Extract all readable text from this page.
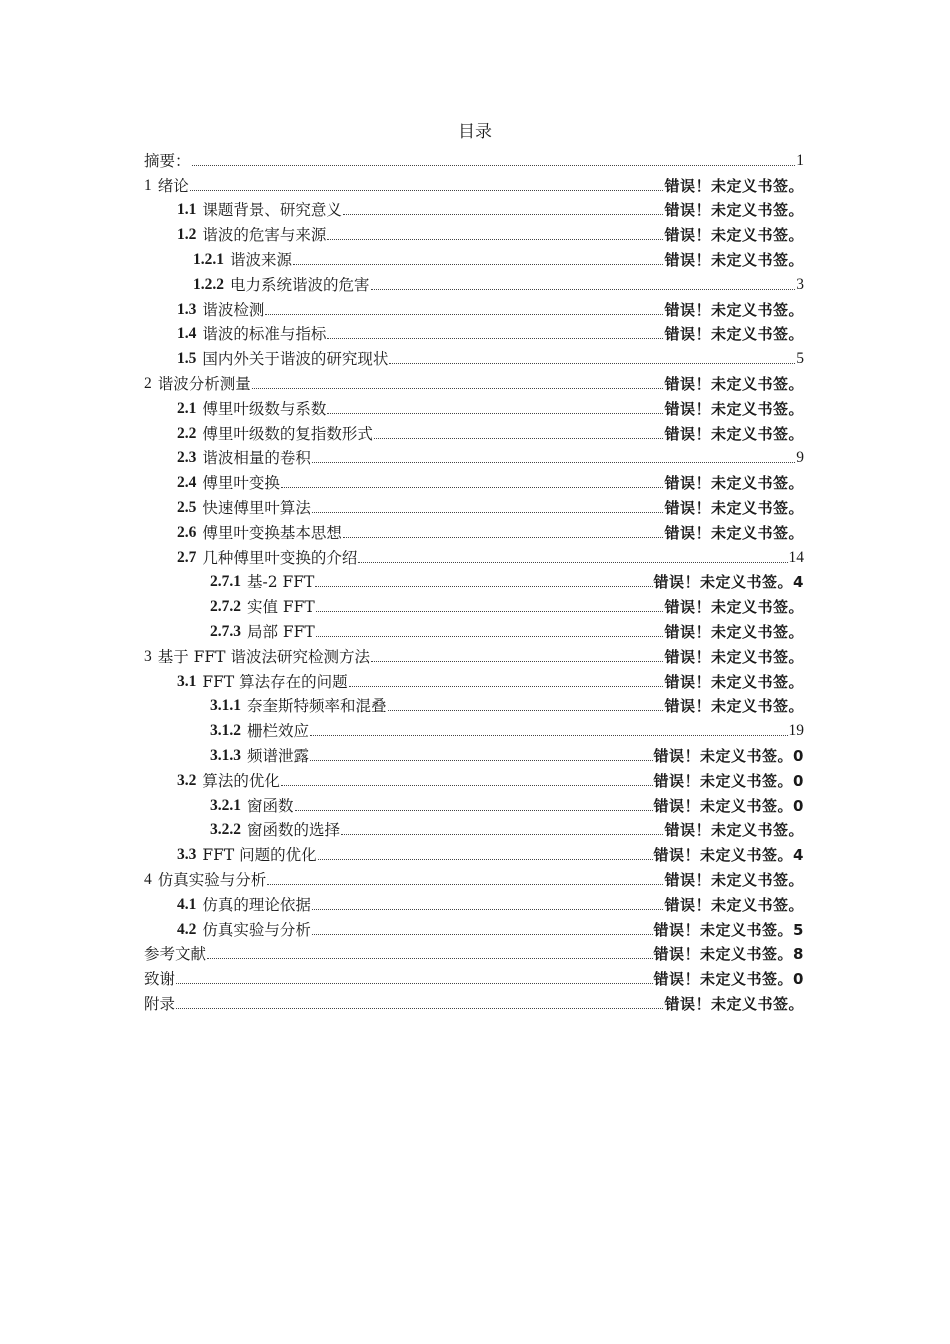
目录
摘要：	1
1 绪论	错误！未定义书签。
1.1 课题背景、研究意义	错误！未定义书签。
1.2 谐波的危害与来源	错误！未定义书签。
1.2.1 谐波来源	错误！未定义书签。
1.2.2 电力系统谐波的危害	3
1.3 谐波检测	错误！未定义书签。
1.4 谐波的标准与指标	错误！未定义书签。
1.5 国内外关于谐波的研究现状	5
2 谐波分析测量	错误！未定义书签。
2.1 傅里叶级数与系数	错误！未定义书签。
2.2 傅里叶级数的复指数形式	错误！未定义书签。
2.3 谐波相量的卷积	9
2.4 傅里叶变换	错误！未定义书签。
2.5 快速傅里叶算法	错误！未定义书签。
2.6 傅里叶变换基本思想	错误！未定义书签。
2.7 几种傅里叶变换的介绍	14
2.7.1 基-2 FFT	错误！未定义书签。4
2.7.2 实值 FFT	错误！未定义书签。
2.7.3 局部 FFT	错误！未定义书签。
3 基于 FFT 谐波法研究检测方法	错误！未定义书签。
3.1 FFT 算法存在的问题	错误！未定义书签。
3.1.1 奈奎斯特频率和混叠	错误！未定义书签。
3.1.2 栅栏效应	19
3.1.3 频谱泄露	错误！未定义书签。0
3.2 算法的优化	错误！未定义书签。0
3.2.1 窗函数	错误！未定义书签。0
3.2.2 窗函数的选择	错误！未定义书签。
3.3 FFT 问题的优化	错误！未定义书签。4
4 仿真实验与分析	错误！未定义书签。
4.1 仿真的理论依据	错误！未定义书签。
4.2 仿真实验与分析	错误！未定义书签。5
参考文献	错误！未定义书签。8
致谢	错误！未定义书签。0
附录	错误！未定义书签。
